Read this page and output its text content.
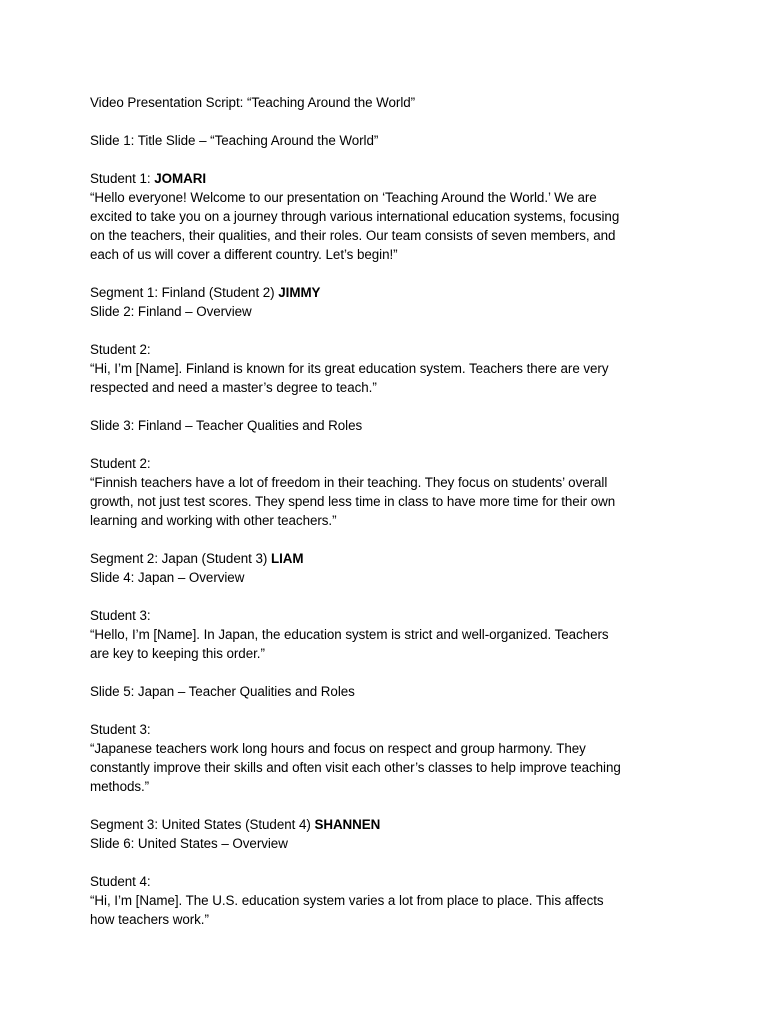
Video Presentation Script: “Teaching Around the World”

Slide 1: Title Slide – “Teaching Around the World”

Student 1: JOMARI
“Hello everyone! Welcome to our presentation on ‘Teaching Around the World.’ We are
excited to take you on a journey through various international education systems, focusing
on the teachers, their qualities, and their roles. Our team consists of seven members, and
each of us will cover a different country. Let’s begin!”
Segment 1: Finland (Student 2) JIMMY
Slide 2: Finland – Overview
Student 2:
“Hi, I’m [Name]. Finland is known for its great education system. Teachers there are very
respected and need a master’s degree to teach.”

Slide 3: Finland – Teacher Qualities and Roles

Student 2:
“Finnish teachers have a lot of freedom in their teaching. They focus on students’ overall
growth, not just test scores. They spend less time in class to have more time for their own
learning and working with other teachers.”
Segment 2: Japan (Student 3) LIAM
Slide 4: Japan – Overview
Student 3:
“Hello, I’m [Name]. In Japan, the education system is strict and well-organized. Teachers
are key to keeping this order.”

Slide 5: Japan – Teacher Qualities and Roles

Student 3:
“Japanese teachers work long hours and focus on respect and group harmony. They
constantly improve their skills and often visit each other’s classes to help improve teaching
methods.”
Segment 3: United States (Student 4) SHANNEN
Slide 6: United States – Overview
Student 4:
“Hi, I’m [Name]. The U.S. education system varies a lot from place to place. This affects
how teachers work.”
